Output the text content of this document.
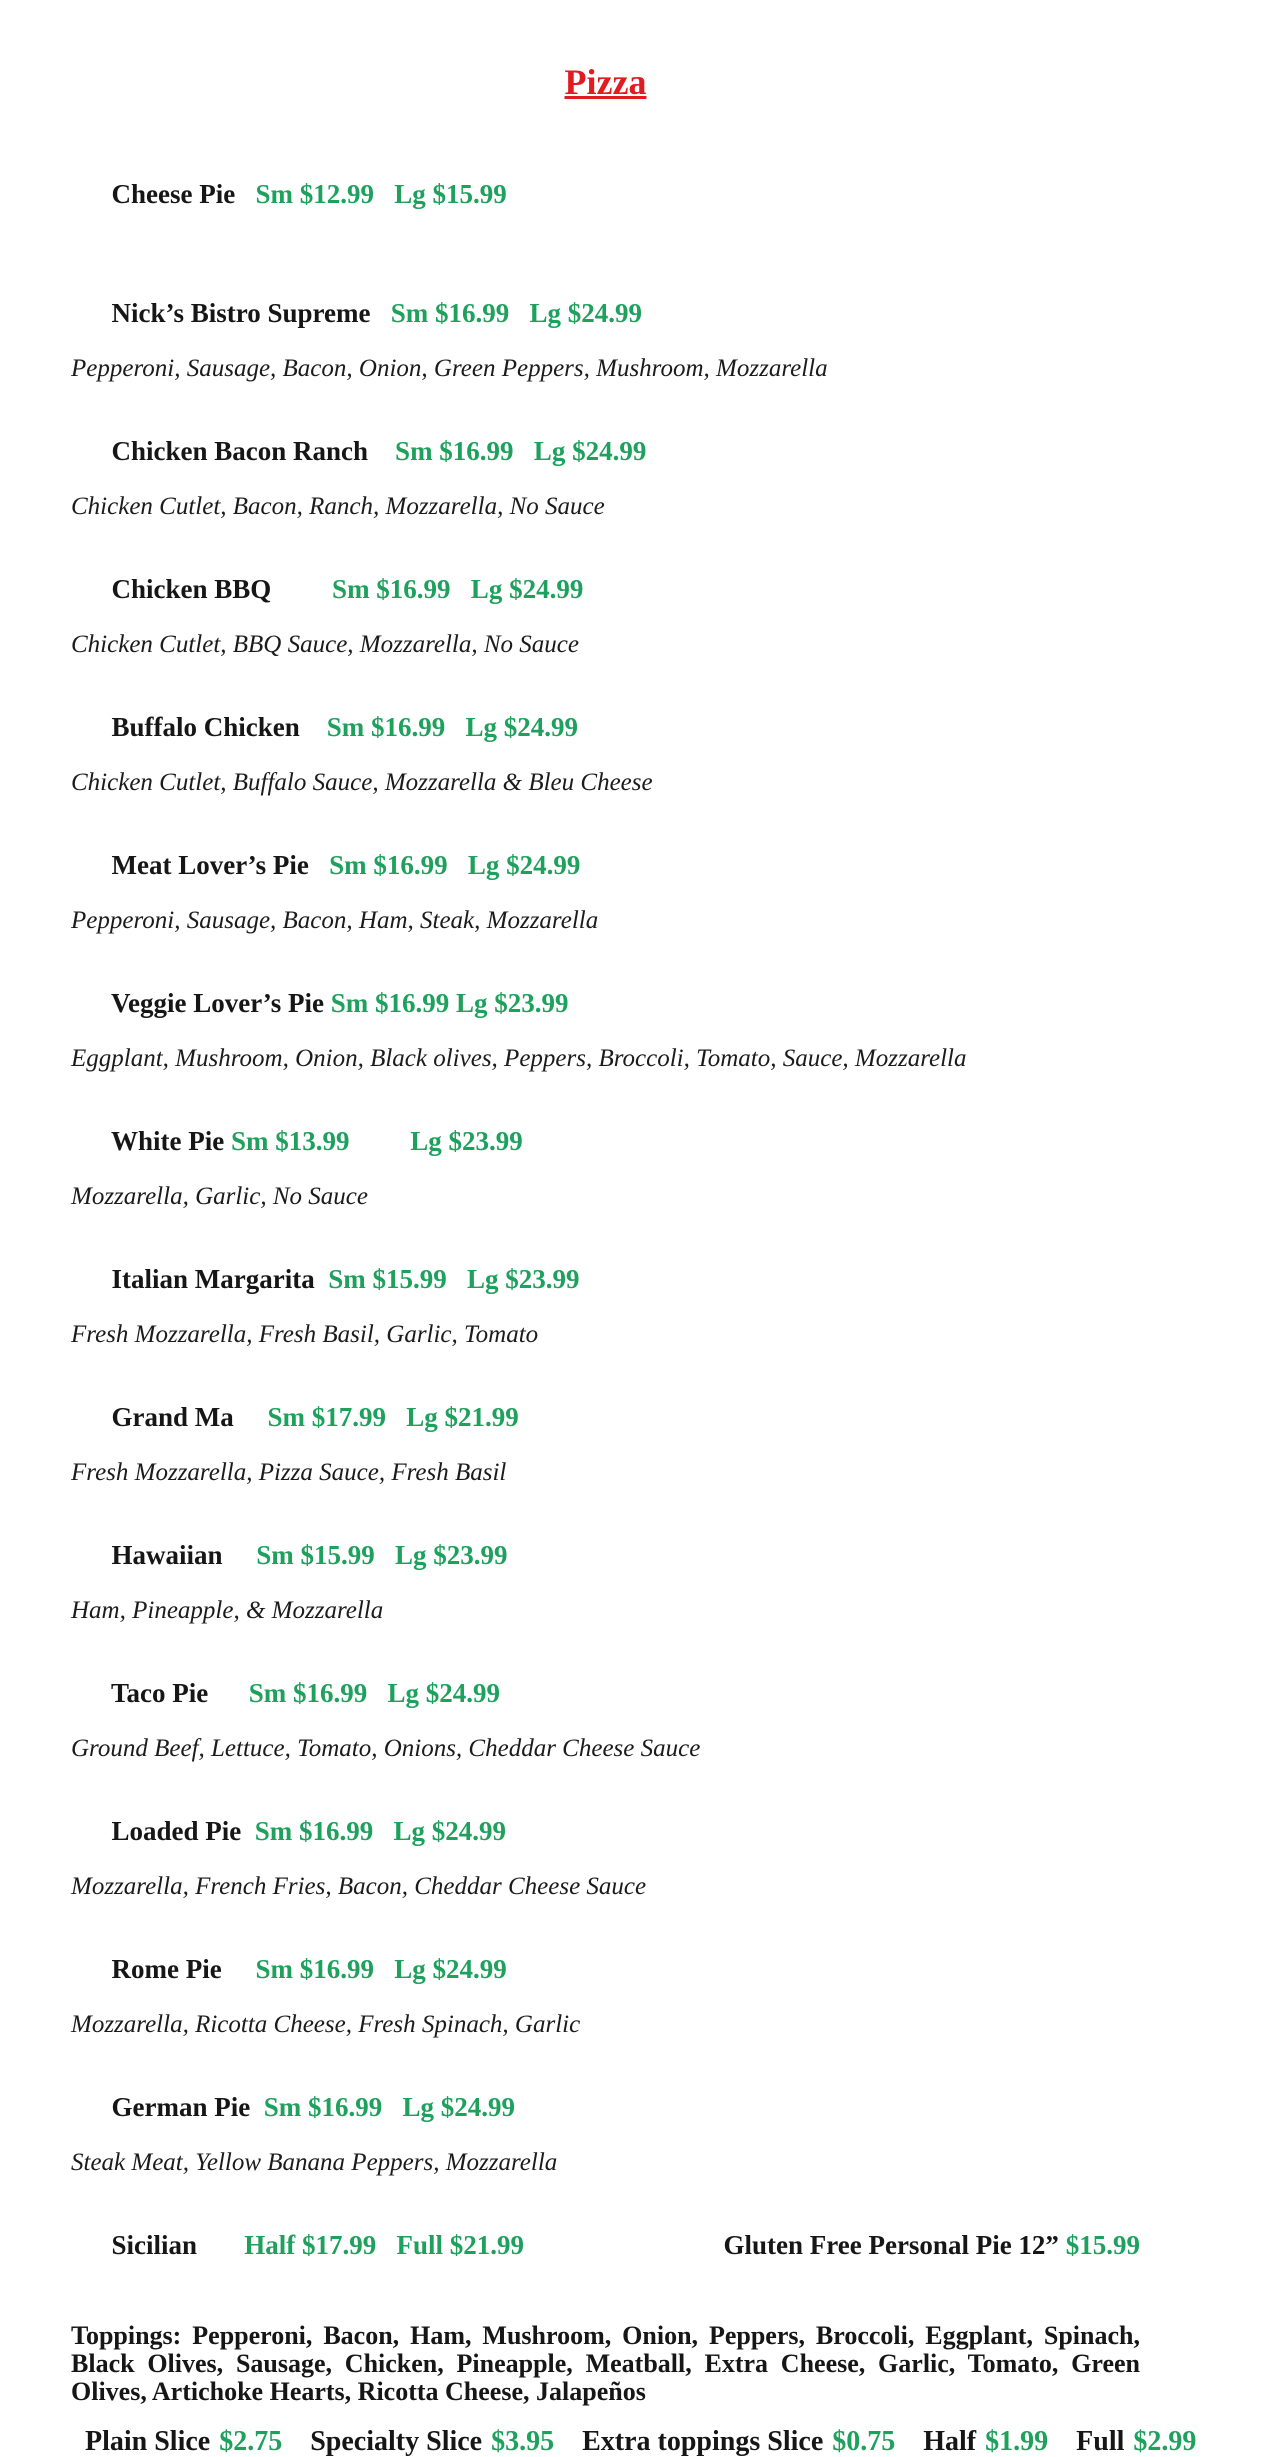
Pizza

Cheese Pie   Sm $12.99   Lg $15.99

Nick’s Bistro Supreme   Sm $16.99   Lg $24.99

Pepperoni, Sausage, Bacon, Onion, Green Peppers, Mushroom, Mozzarella

Chicken Bacon Ranch    Sm $16.99   Lg $24.99

Chicken Cutlet, Bacon, Ranch, Mozzarella, No Sauce

Chicken BBQ         Sm $16.99   Lg $24.99

Chicken Cutlet, BBQ Sauce, Mozzarella, No Sauce

Buffalo Chicken    Sm $16.99   Lg $24.99

Chicken Cutlet, Buffalo Sauce, Mozzarella & Bleu Cheese

Meat Lover’s Pie   Sm $16.99   Lg $24.99

Pepperoni, Sausage, Bacon, Ham, Steak, Mozzarella

Veggie Lover’s Pie Sm $16.99 Lg $23.99

Eggplant, Mushroom, Onion, Black olives, Peppers, Broccoli, Tomato, Sauce, Mozzarella

White Pie Sm $13.99         Lg $23.99

Mozzarella, Garlic, No Sauce

Italian Margarita  Sm $15.99   Lg $23.99

Fresh Mozzarella, Fresh Basil, Garlic, Tomato

Grand Ma     Sm $17.99   Lg $21.99

Fresh Mozzarella, Pizza Sauce, Fresh Basil

Hawaiian     Sm $15.99   Lg $23.99

Ham, Pineapple, & Mozzarella

Taco Pie      Sm $16.99   Lg $24.99

Ground Beef, Lettuce, Tomato, Onions, Cheddar Cheese Sauce

Loaded Pie  Sm $16.99   Lg $24.99

Mozzarella, French Fries, Bacon, Cheddar Cheese Sauce

Rome Pie     Sm $16.99   Lg $24.99

Mozzarella, Ricotta Cheese, Fresh Spinach, Garlic

German Pie  Sm $16.99   Lg $24.99

Steak Meat, Yellow Banana Peppers, Mozzarella

Sicilian       Half $17.99   Full $21.99
	Gluten Free Personal Pie 12” $15.99

Toppings: Pepperoni, Bacon, Ham, Mushroom, Onion, Peppers, Broccoli, Eggplant, Spinach, Black Olives, Sausage, Chicken, Pineapple, Meatball, Extra Cheese, Garlic, Tomato, Green Olives, Artichoke Hearts, Ricotta Cheese, Jalapeños

Plain Slice $2.75 Specialty Slice $3.95 Extra toppings Slice $0.75 Half $1.99 Full $2.99
